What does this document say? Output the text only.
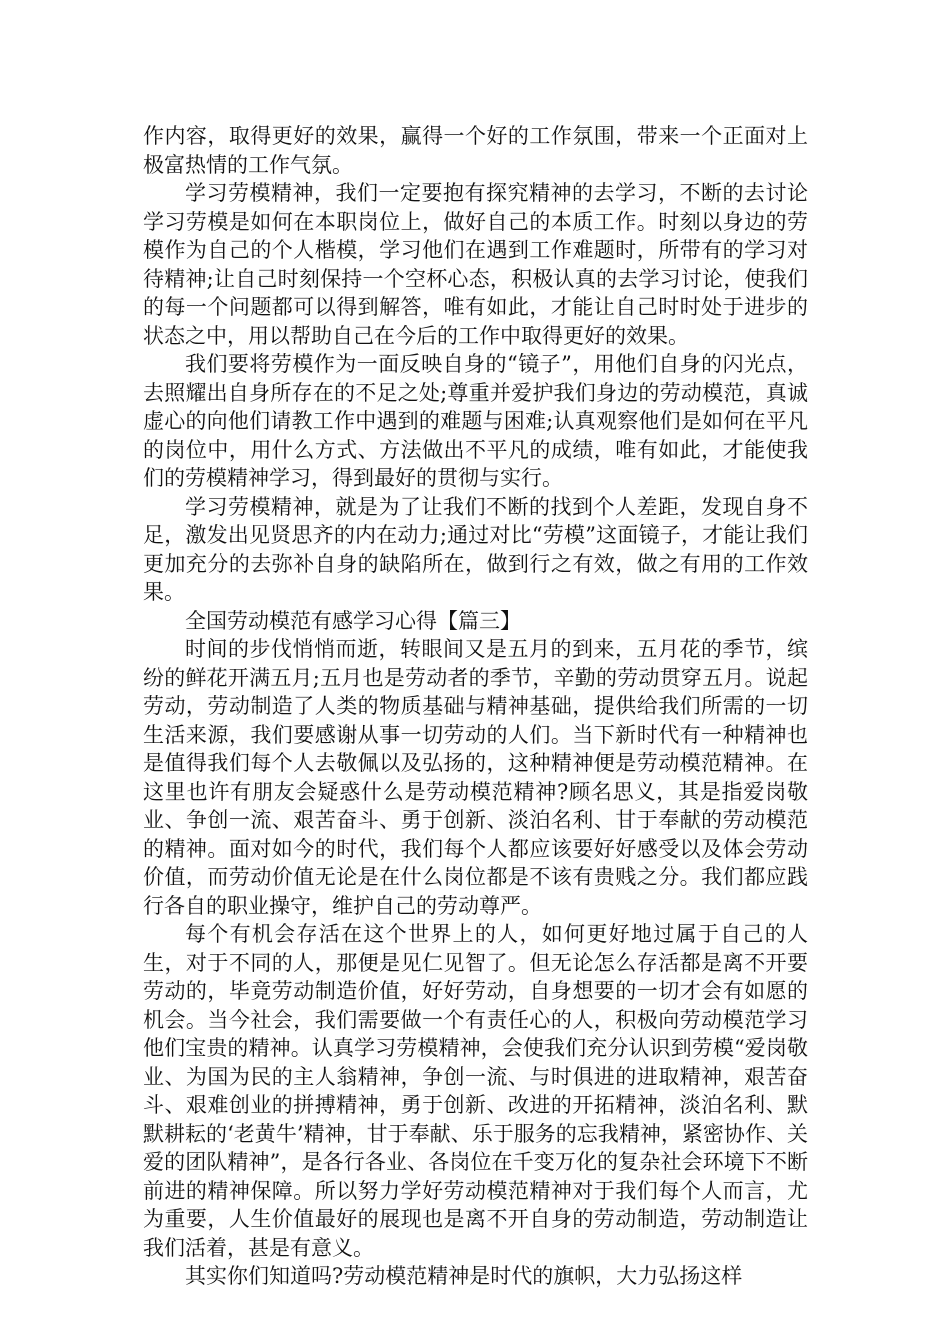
作内容，取得更好的效果，赢得一个好的工作氛围，带来一个正面对上极富热情的工作气氛。

学习劳模精神，我们一定要抱有探究精神的去学习，不断的去讨论学习劳模是如何在本职岗位上，做好自己的本质工作。时刻以身边的劳模作为自己的个人楷模，学习他们在遇到工作难题时，所带有的学习对待精神;让自己时刻保持一个空杯心态，积极认真的去学习讨论，使我们的每一个问题都可以得到解答，唯有如此，才能让自己时时处于进步的状态之中，用以帮助自己在今后的工作中取得更好的效果。

我们要将劳模作为一面反映自身的“镜子”，用他们自身的闪光点，去照耀出自身所存在的不足之处;尊重并爱护我们身边的劳动模范，真诚虚心的向他们请教工作中遇到的难题与困难;认真观察他们是如何在平凡的岗位中，用什么方式、方法做出不平凡的成绩，唯有如此，才能使我们的劳模精神学习，得到最好的贯彻与实行。

学习劳模精神，就是为了让我们不断的找到个人差距，发现自身不足，激发出见贤思齐的内在动力;通过对比“劳模”这面镜子，才能让我们更加充分的去弥补自身的缺陷所在，做到行之有效，做之有用的工作效果。

全国劳动模范有感学习心得【篇三】

时间的步伐悄悄而逝，转眼间又是五月的到来，五月花的季节，缤纷的鲜花开满五月;五月也是劳动者的季节，辛勤的劳动贯穿五月。说起劳动，劳动制造了人类的物质基础与精神基础，提供给我们所需的一切生活来源，我们要感谢从事一切劳动的人们。当下新时代有一种精神也是值得我们每个人去敬佩以及弘扬的，这种精神便是劳动模范精神。在这里也许有朋友会疑惑什么是劳动模范精神?顾名思义，其是指爱岗敬业、争创一流、艰苦奋斗、勇于创新、淡泊名利、甘于奉献的劳动模范的精神。面对如今的时代，我们每个人都应该要好好感受以及体会劳动价值，而劳动价值无论是在什么岗位都是不该有贵贱之分。我们都应践行各自的职业操守，维护自己的劳动尊严。

每个有机会存活在这个世界上的人，如何更好地过属于自己的人生，对于不同的人，那便是见仁见智了。但无论怎么存活都是离不开要劳动的，毕竟劳动制造价值，好好劳动，自身想要的一切才会有如愿的机会。当今社会，我们需要做一个有责任心的人，积极向劳动模范学习他们宝贵的精神。认真学习劳模精神，会使我们充分认识到劳模“爱岗敬业、为国为民的主人翁精神，争创一流、与时俱进的进取精神，艰苦奋斗、艰难创业的拼搏精神，勇于创新、改进的开拓精神，淡泊名利、默默耕耘的‘老黄牛’精神，甘于奉献、乐于服务的忘我精神，紧密协作、关爱的团队精神”，是各行各业、各岗位在千变万化的复杂社会环境下不断前进的精神保障。所以努力学好劳动模范精神对于我们每个人而言，尤为重要，人生价值最好的展现也是离不开自身的劳动制造，劳动制造让我们活着，甚是有意义。

其实你们知道吗?劳动模范精神是时代的旗帜，大力弘扬这样
